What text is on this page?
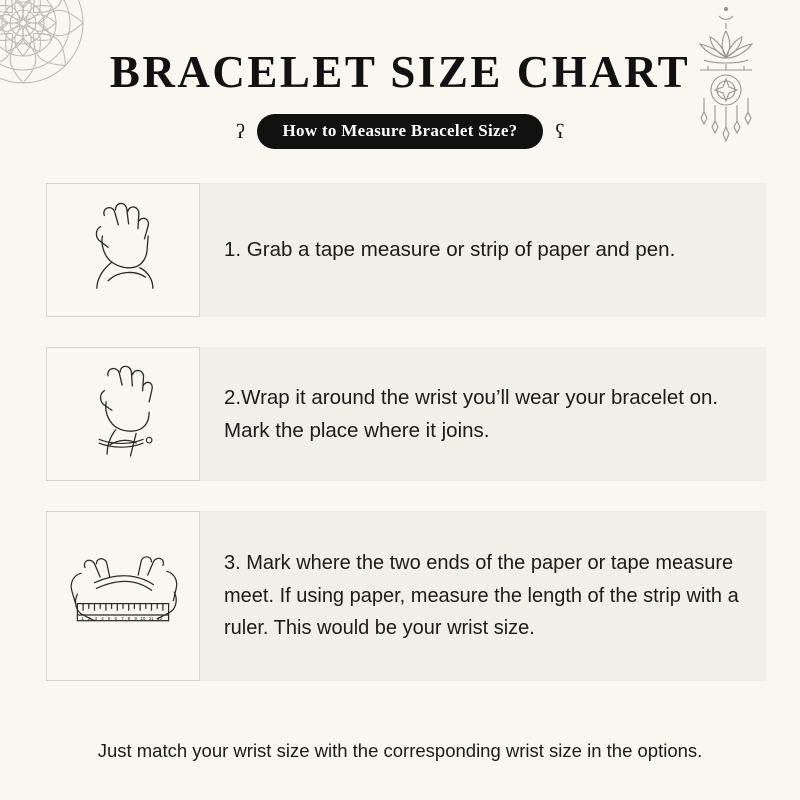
BRACELET SIZE CHART
ʕ	How to Measure Bracelet Size?	ʕ
1. Grab a tape measure or strip of paper and pen.
2.Wrap it around the wrist you’ll wear your bracelet on. Mark the place where it joins.
1 2 3 4 5 6 7 8 9 10 11 12
3. Mark where the two ends of the paper or tape measure meet. If using paper, measure the length of the strip with a ruler. This would be your wrist size.
Just match your wrist size with the corresponding wrist size in the options.
